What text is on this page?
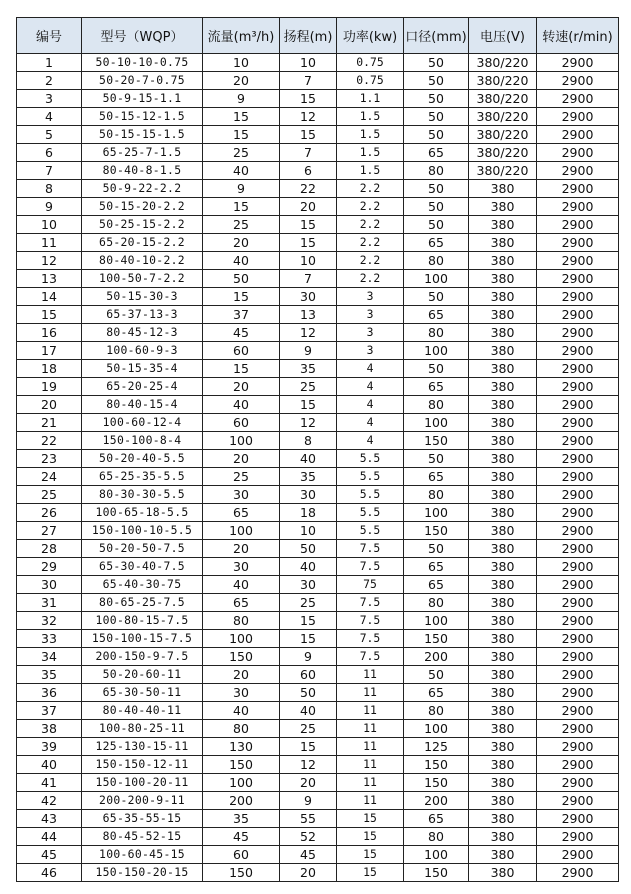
编号	型号（WQP）	流量(m³/h)	扬程(m)	功率(kw)	口径(mm)	电压(V)	转速(r/min)
1	50-10-10-0.75	10	10	0.75	50	380/220	2900
2	50-20-7-0.75	20	7	0.75	50	380/220	2900
3	50-9-15-1.1	9	15	1.1	50	380/220	2900
4	50-15-12-1.5	15	12	1.5	50	380/220	2900
5	50-15-15-1.5	15	15	1.5	50	380/220	2900
6	65-25-7-1.5	25	7	1.5	65	380/220	2900
7	80-40-8-1.5	40	6	1.5	80	380/220	2900
8	50-9-22-2.2	9	22	2.2	50	380	2900
9	50-15-20-2.2	15	20	2.2	50	380	2900
10	50-25-15-2.2	25	15	2.2	50	380	2900
11	65-20-15-2.2	20	15	2.2	65	380	2900
12	80-40-10-2.2	40	10	2.2	80	380	2900
13	100-50-7-2.2	50	7	2.2	100	380	2900
14	50-15-30-3	15	30	3	50	380	2900
15	65-37-13-3	37	13	3	65	380	2900
16	80-45-12-3	45	12	3	80	380	2900
17	100-60-9-3	60	9	3	100	380	2900
18	50-15-35-4	15	35	4	50	380	2900
19	65-20-25-4	20	25	4	65	380	2900
20	80-40-15-4	40	15	4	80	380	2900
21	100-60-12-4	60	12	4	100	380	2900
22	150-100-8-4	100	8	4	150	380	2900
23	50-20-40-5.5	20	40	5.5	50	380	2900
24	65-25-35-5.5	25	35	5.5	65	380	2900
25	80-30-30-5.5	30	30	5.5	80	380	2900
26	100-65-18-5.5	65	18	5.5	100	380	2900
27	150-100-10-5.5	100	10	5.5	150	380	2900
28	50-20-50-7.5	20	50	7.5	50	380	2900
29	65-30-40-7.5	30	40	7.5	65	380	2900
30	65-40-30-75	40	30	75	65	380	2900
31	80-65-25-7.5	65	25	7.5	80	380	2900
32	100-80-15-7.5	80	15	7.5	100	380	2900
33	150-100-15-7.5	100	15	7.5	150	380	2900
34	200-150-9-7.5	150	9	7.5	200	380	2900
35	50-20-60-11	20	60	11	50	380	2900
36	65-30-50-11	30	50	11	65	380	2900
37	80-40-40-11	40	40	11	80	380	2900
38	100-80-25-11	80	25	11	100	380	2900
39	125-130-15-11	130	15	11	125	380	2900
40	150-150-12-11	150	12	11	150	380	2900
41	150-100-20-11	100	20	11	150	380	2900
42	200-200-9-11	200	9	11	200	380	2900
43	65-35-55-15	35	55	15	65	380	2900
44	80-45-52-15	45	52	15	80	380	2900
45	100-60-45-15	60	45	15	100	380	2900
46	150-150-20-15	150	20	15	150	380	2900
